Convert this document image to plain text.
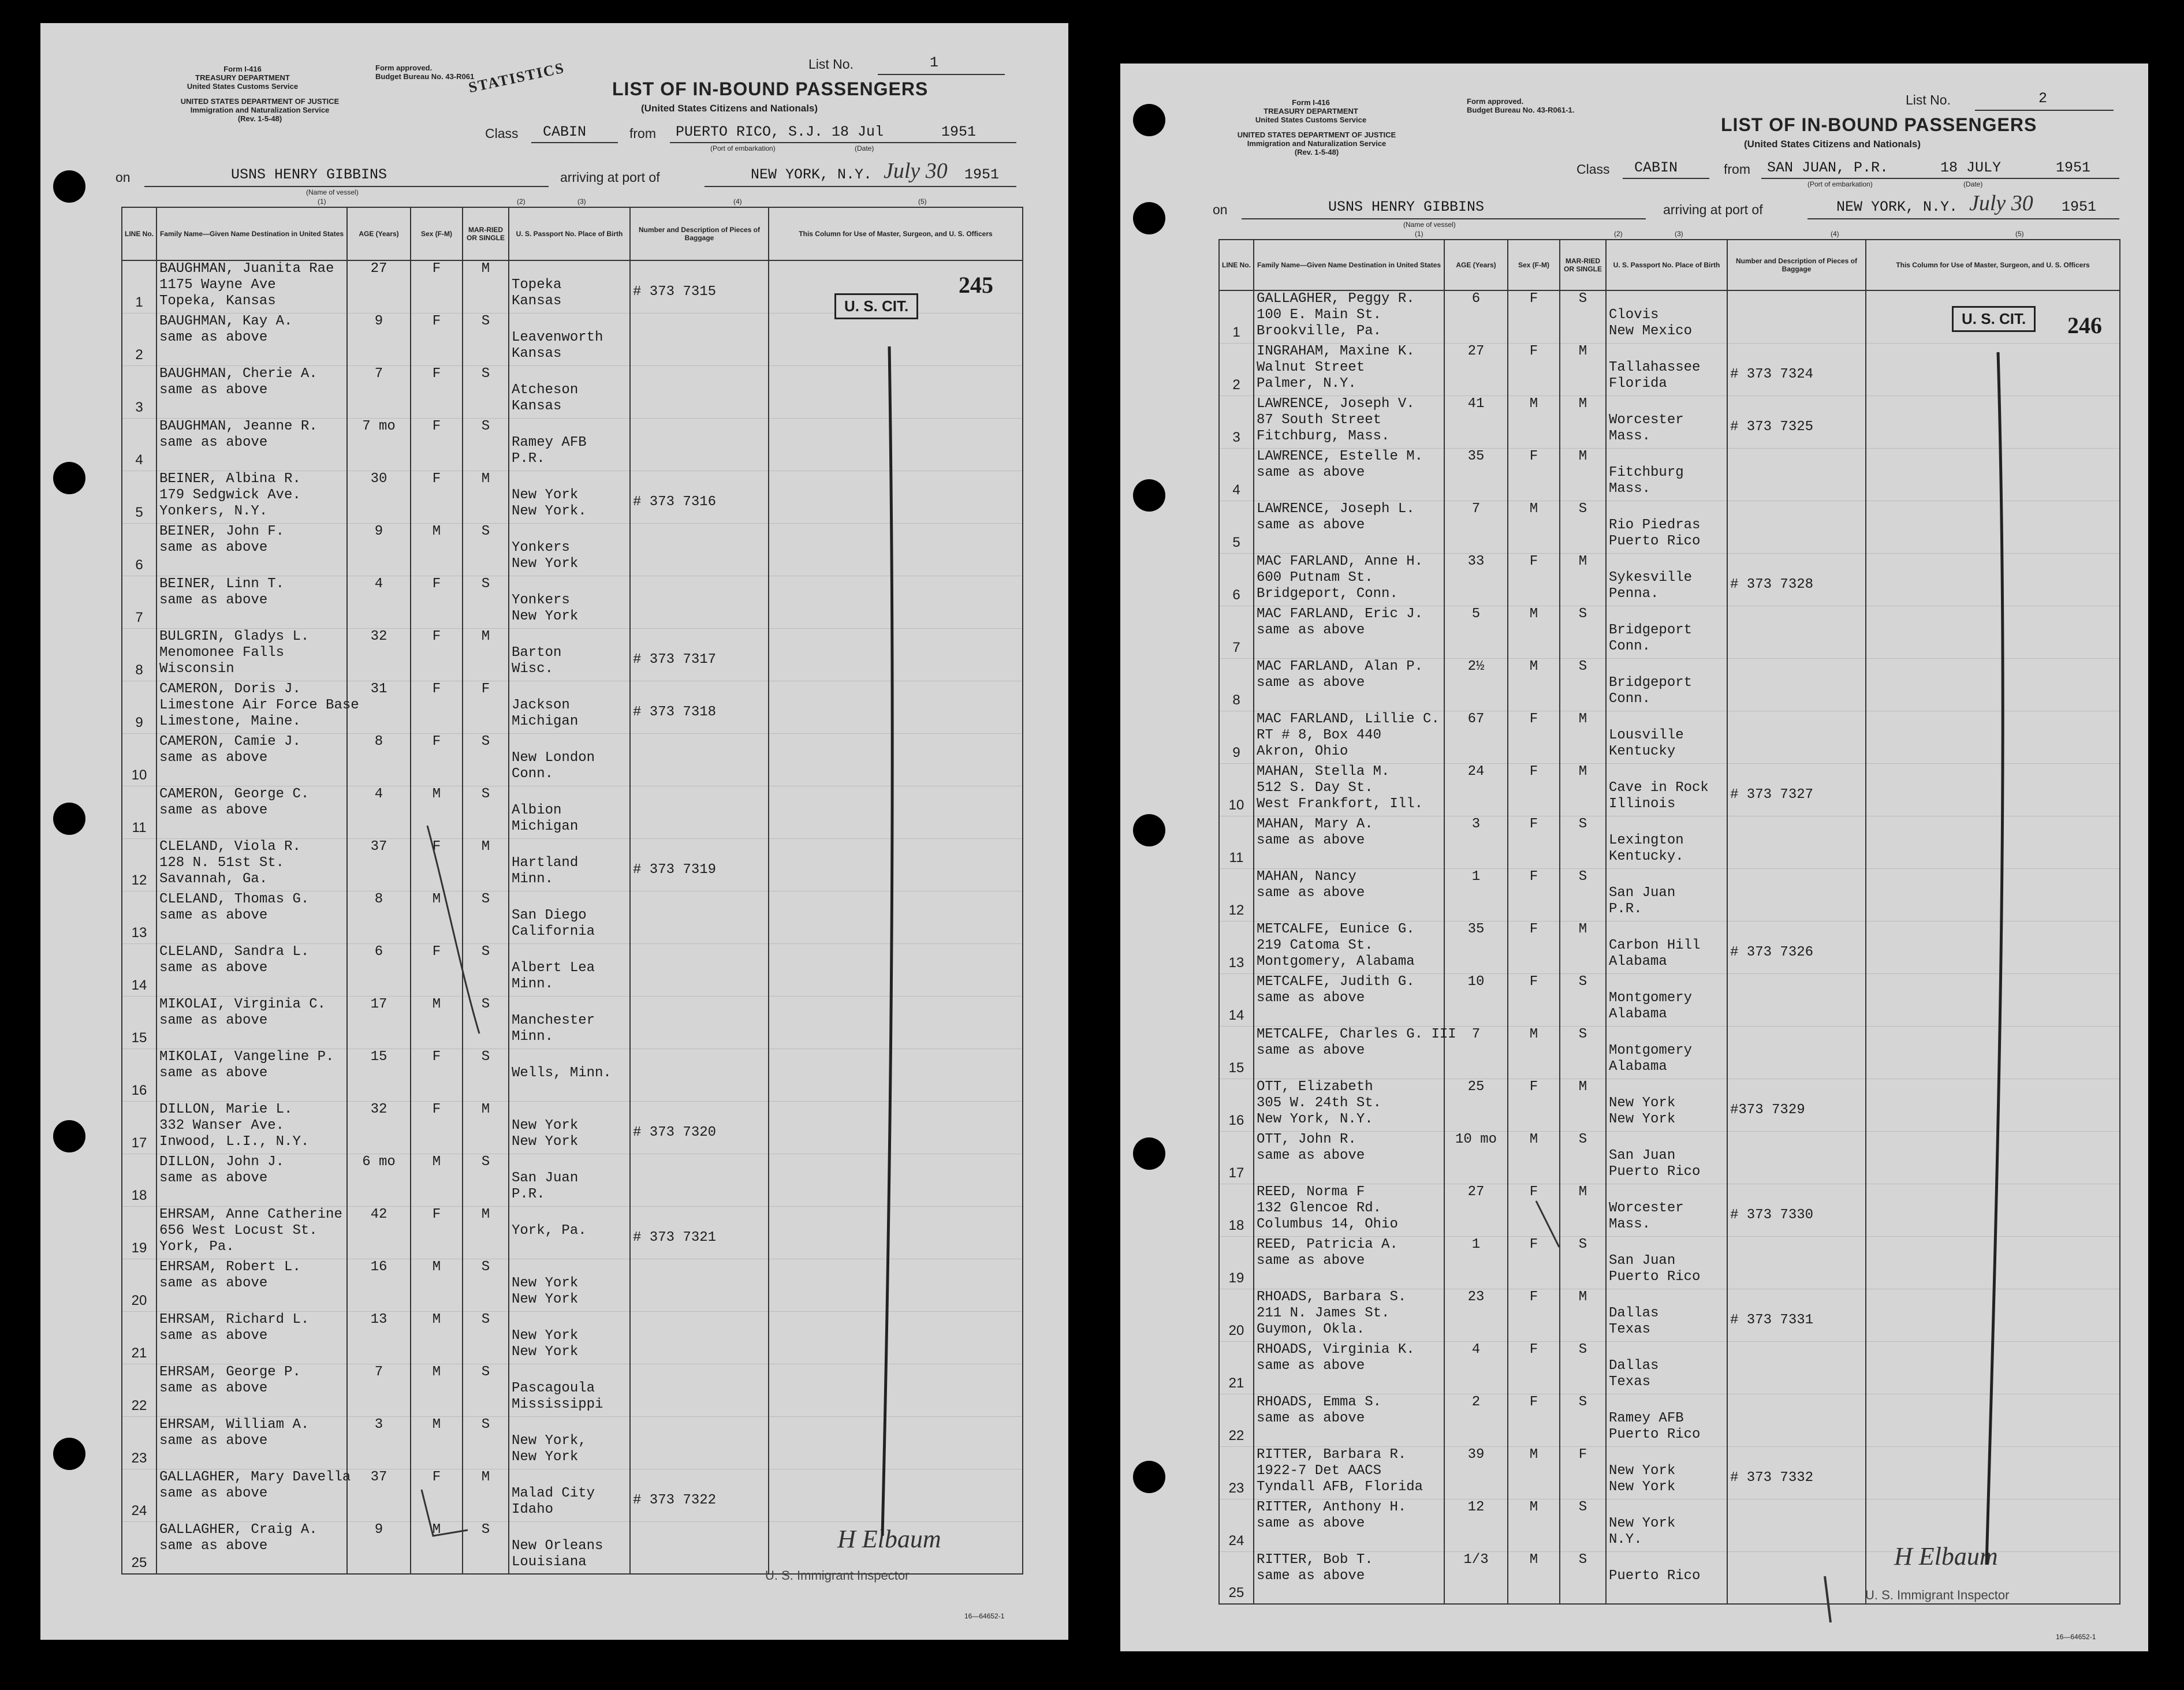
Form I-416
TREASURY DEPARTMENT
United States Customs Service
Form approved.
Budget Bureau No. 43-R061
STATISTICS
UNITED STATES DEPARTMENT OF JUSTICE
Immigration and Naturalization Service
(Rev. 1-5-48)
List No.	1
LIST OF IN-BOUND PASSENGERS
(United States Citizens and Nationals)
Class CABIN	from PUERTO RICO, S.J. 18 Jul	1951
(Port of embarkation)	(Date)
on	USNS HENRY GIBBINS
(Name of vessel)
arriving at port of	NEW YORK, N.Y. July 30 1951
(1)	(2)	(3)	(4)	(5)
LINE No.	Family Name—Given Name Destination in United States	AGE (Years)	Sex (F-M)	MAR-RIED OR SINGLE	U. S. Passport No. Place of Birth	Number and Description of Pieces of Baggage	This Column for Use of Master, Surgeon, and U. S. Officers
1	BAUGHMAN, Juanita Rae
1175 Wayne Ave
Topeka, Kansas	27	F	M	Topeka
Kansas	# 373 7315	
2	BAUGHMAN, Kay A.
same as above	9	F	S	Leavenworth
Kansas		

3	BAUGHMAN, Cherie A.
same as above	7	F	S	Atcheson
Kansas		

4	BAUGHMAN, Jeanne R.
same as above	7 mo	F	S	Ramey AFB
P.R.		

5	BEINER, Albina R.
179 Sedgwick Ave.
Yonkers, N.Y.	30	F	M	New York
New York.	# 373 7316	
6	BEINER, John F.
same as above	9	M	S	Yonkers
New York		

7	BEINER, Linn T.
same as above	4	F	S	Yonkers
New York		

8	BULGRIN, Gladys L.
Menomonee Falls
Wisconsin	32	F	M	Barton
Wisc.	# 373 7317	
9	CAMERON, Doris J.
Limestone Air Force Base
Limestone, Maine.	31	F	F	Jackson
Michigan	# 373 7318	
10	CAMERON, Camie J.
same as above	8	F	S	New London
Conn.		

11	CAMERON, George C.
same as above	4	M	S	Albion
Michigan		

12	CLELAND, Viola R.
128 N. 51st St.
Savannah, Ga.	37	F	M	Hartland
Minn.	# 373 7319	
13	CLELAND, Thomas G.
same as above	8	M	S	San Diego
California		

14	CLELAND, Sandra L.
same as above	6	F	S	Albert Lea
Minn.		

15	MIKOLAI, Virginia C.
same as above	17	M	S	Manchester
Minn.		

16	MIKOLAI, Vangeline P.
same as above	15	F	S	Wells, Minn.		

17	DILLON, Marie L.
332 Wanser Ave.
Inwood, L.I., N.Y.	32	F	M	New York
New York	# 373 7320	
18	DILLON, John J.
same as above	6 mo	M	S	San Juan
P.R.		

19	EHRSAM, Anne Catherine
656 West Locust St.
York, Pa.	42	F	M	York, Pa.	# 373 7321	
20	EHRSAM, Robert L.
same as above	16	M	S	New York
New York		

21	EHRSAM, Richard L.
same as above	13	M	S	New York
New York		

22	EHRSAM, George P.
same as above	7	M	S	Pascagoula
Mississippi		

23	EHRSAM, William A.
same as above	3	M	S	New York,
New York		

24	GALLAGHER, Mary Davella
same as above	37	F	M	Malad City
Idaho	# 373 7322	
25	GALLAGHER, Craig A.
same as above	9	M	S	New Orleans
Louisiana		

U. S. CIT.
245
H Elbaum
U. S. Immigrant Inspector
16—64652-1
Form I-416
TREASURY DEPARTMENT
United States Customs Service
Form approved.
Budget Bureau No. 43-R061-1.
UNITED STATES DEPARTMENT OF JUSTICE
Immigration and Naturalization Service
(Rev. 1-5-48)
List No.	2
LIST OF IN-BOUND PASSENGERS
(United States Citizens and Nationals)
Class CABIN	from SAN JUAN, P.R.	18 JULY	1951
(Port of embarkation)	(Date)
on	USNS HENRY GIBBINS
(Name of vessel)
arriving at port of	NEW YORK, N.Y. July 30 1951
(1)	(2)	(3)	(4)	(5)
LINE No.	Family Name—Given Name Destination in United States	AGE (Years)	Sex (F-M)	MAR-RIED OR SINGLE	U. S. Passport No. Place of Birth	Number and Description of Pieces of Baggage	This Column for Use of Master, Surgeon, and U. S. Officers
1	GALLAGHER, Peggy R.
100 E. Main St.
Brookville, Pa.	6	F	S	Clovis
New Mexico		

2	INGRAHAM, Maxine K.
Walnut Street
Palmer, N.Y.	27	F	M	Tallahassee
Florida	# 373 7324	
3	LAWRENCE, Joseph V.
87 South Street
Fitchburg, Mass.	41	M	M	Worcester
Mass.	# 373 7325	
4	LAWRENCE, Estelle M.
same as above	35	F	M	Fitchburg
Mass.		

5	LAWRENCE, Joseph L.
same as above	7	M	S	Rio Piedras
Puerto Rico		

6	MAC FARLAND, Anne H.
600 Putnam St.
Bridgeport, Conn.	33	F	M	Sykesville
Penna.	# 373 7328	
7	MAC FARLAND, Eric J.
same as above	5	M	S	Bridgeport
Conn.		

8	MAC FARLAND, Alan P.
same as above	2½	M	S	Bridgeport
Conn.		

9	MAC FARLAND, Lillie C.
RT # 8, Box 440
Akron, Ohio	67	F	M	Lousville
Kentucky		

10	MAHAN, Stella M.
512 S. Day St.
West Frankfort, Ill.	24	F	M	Cave in Rock
Illinois	# 373 7327	
11	MAHAN, Mary A.
same as above	3	F	S	Lexington
Kentucky.		

12	MAHAN, Nancy
same as above	1	F	S	San Juan
P.R.		

13	METCALFE, Eunice G.
219 Catoma St.
Montgomery, Alabama	35	F	M	Carbon Hill
Alabama	# 373 7326	
14	METCALFE, Judith G.
same as above	10	F	S	Montgomery
Alabama		

15	METCALFE, Charles G. III
same as above	7	M	S	Montgomery
Alabama		

16	OTT, Elizabeth
305 W. 24th St.
New York, N.Y.	25	F	M	New York
New York	#373 7329	
17	OTT, John R.
same as above	10 mo	M	S	San Juan
Puerto Rico		

18	REED, Norma F
132 Glencoe Rd.
Columbus 14, Ohio	27	F	M	Worcester
Mass.	# 373 7330	
19	REED, Patricia A.
same as above	1	F	S	San Juan
Puerto Rico		

20	RHOADS, Barbara S.
211 N. James St.
Guymon, Okla.	23	F	M	Dallas
Texas	# 373 7331	
21	RHOADS, Virginia K.
same as above	4	F	S	Dallas
Texas		

22	RHOADS, Emma S.
same as above	2	F	S	Ramey AFB
Puerto Rico		

23	RITTER, Barbara R.
1922-7 Det AACS
Tyndall AFB, Florida	39	M	F	New York
New York	# 373 7332	
24	RITTER, Anthony H.
same as above	12	M	S	New York
N.Y.		

25	RITTER, Bob T.
same as above	1/3	M	S	Puerto Rico		

U. S. CIT.	246
H Elbaum
U. S. Immigrant Inspector
16—64652-1
